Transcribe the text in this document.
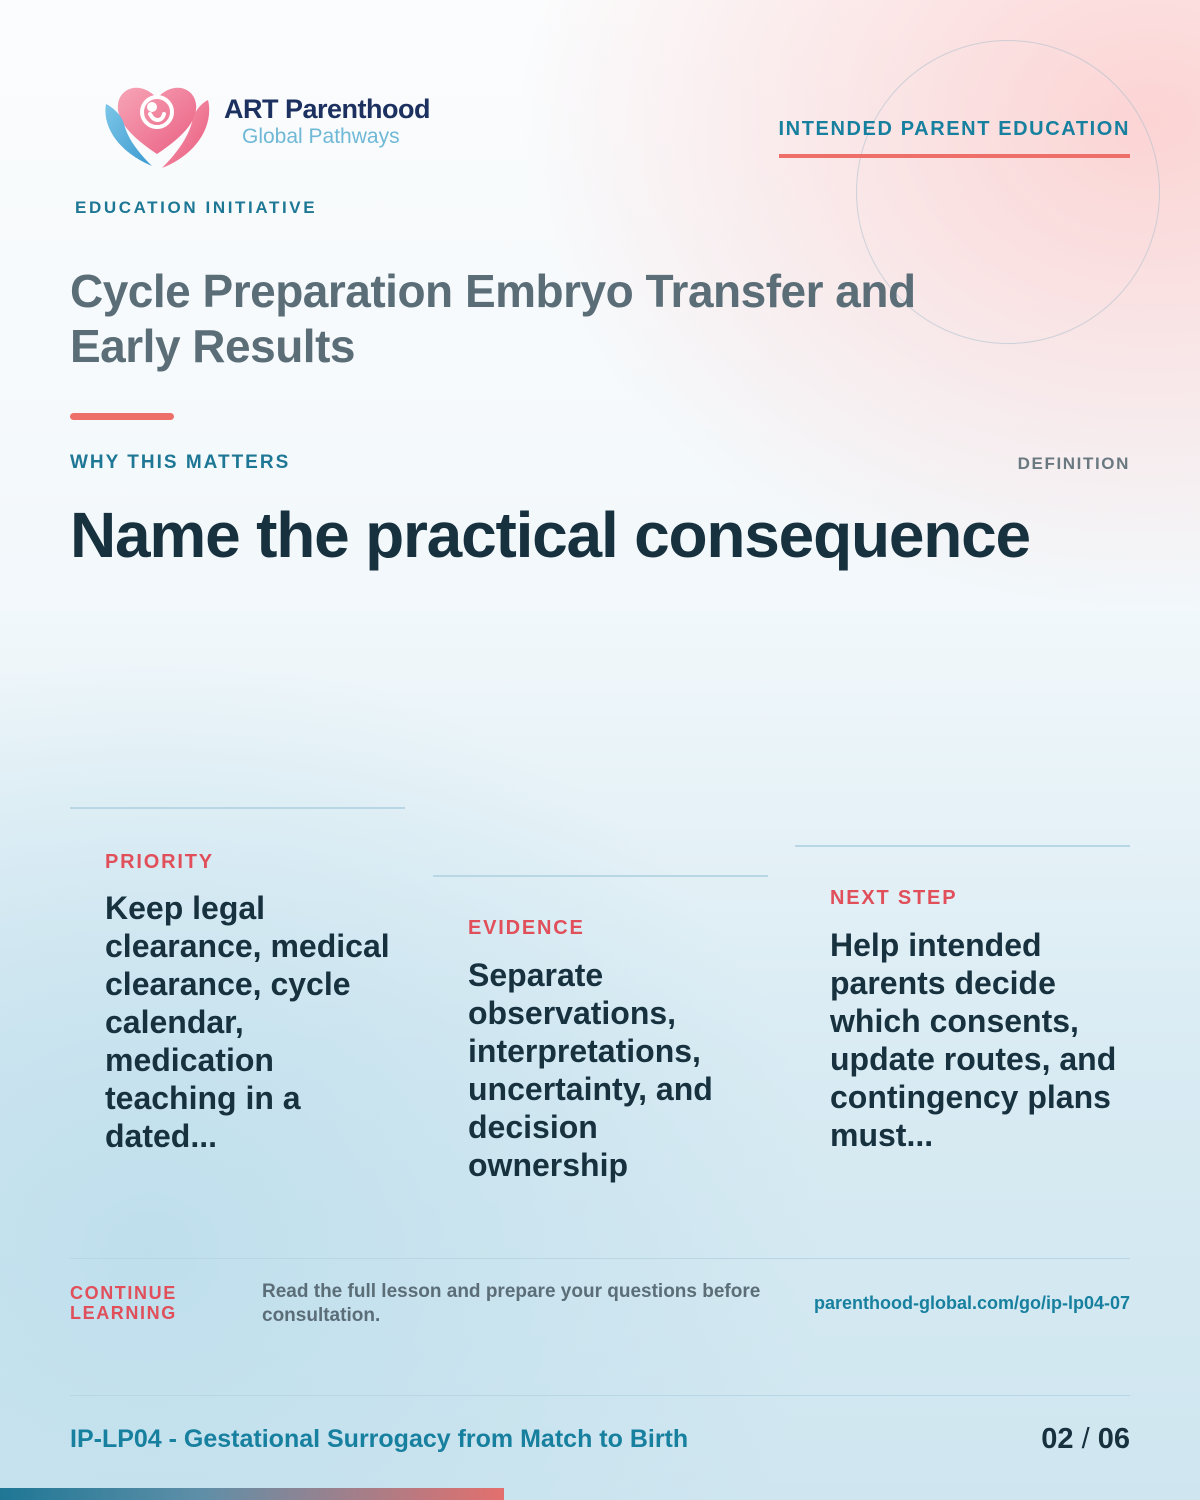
ART Parenthood
Global Pathways
EDUCATION INITIATIVE
INTENDED PARENT EDUCATION
Cycle Preparation Embryo Transfer and Early Results
WHY THIS MATTERS	DEFINITION
Name the practical consequence
PRIORITY
Keep legal clearance, medical clearance, cycle calendar, medication teaching in a dated...
EVIDENCE
Separate observations, interpretations, uncertainty, and decision ownership
NEXT STEP
Help intended parents decide which consents, update routes, and contingency plans must...
CONTINUE LEARNING
Read the full lesson and prepare your questions before consultation.
parenthood-global.com/go/ip-lp04-07
IP-LP04 - Gestational Surrogacy from Match to Birth	02 / 06
